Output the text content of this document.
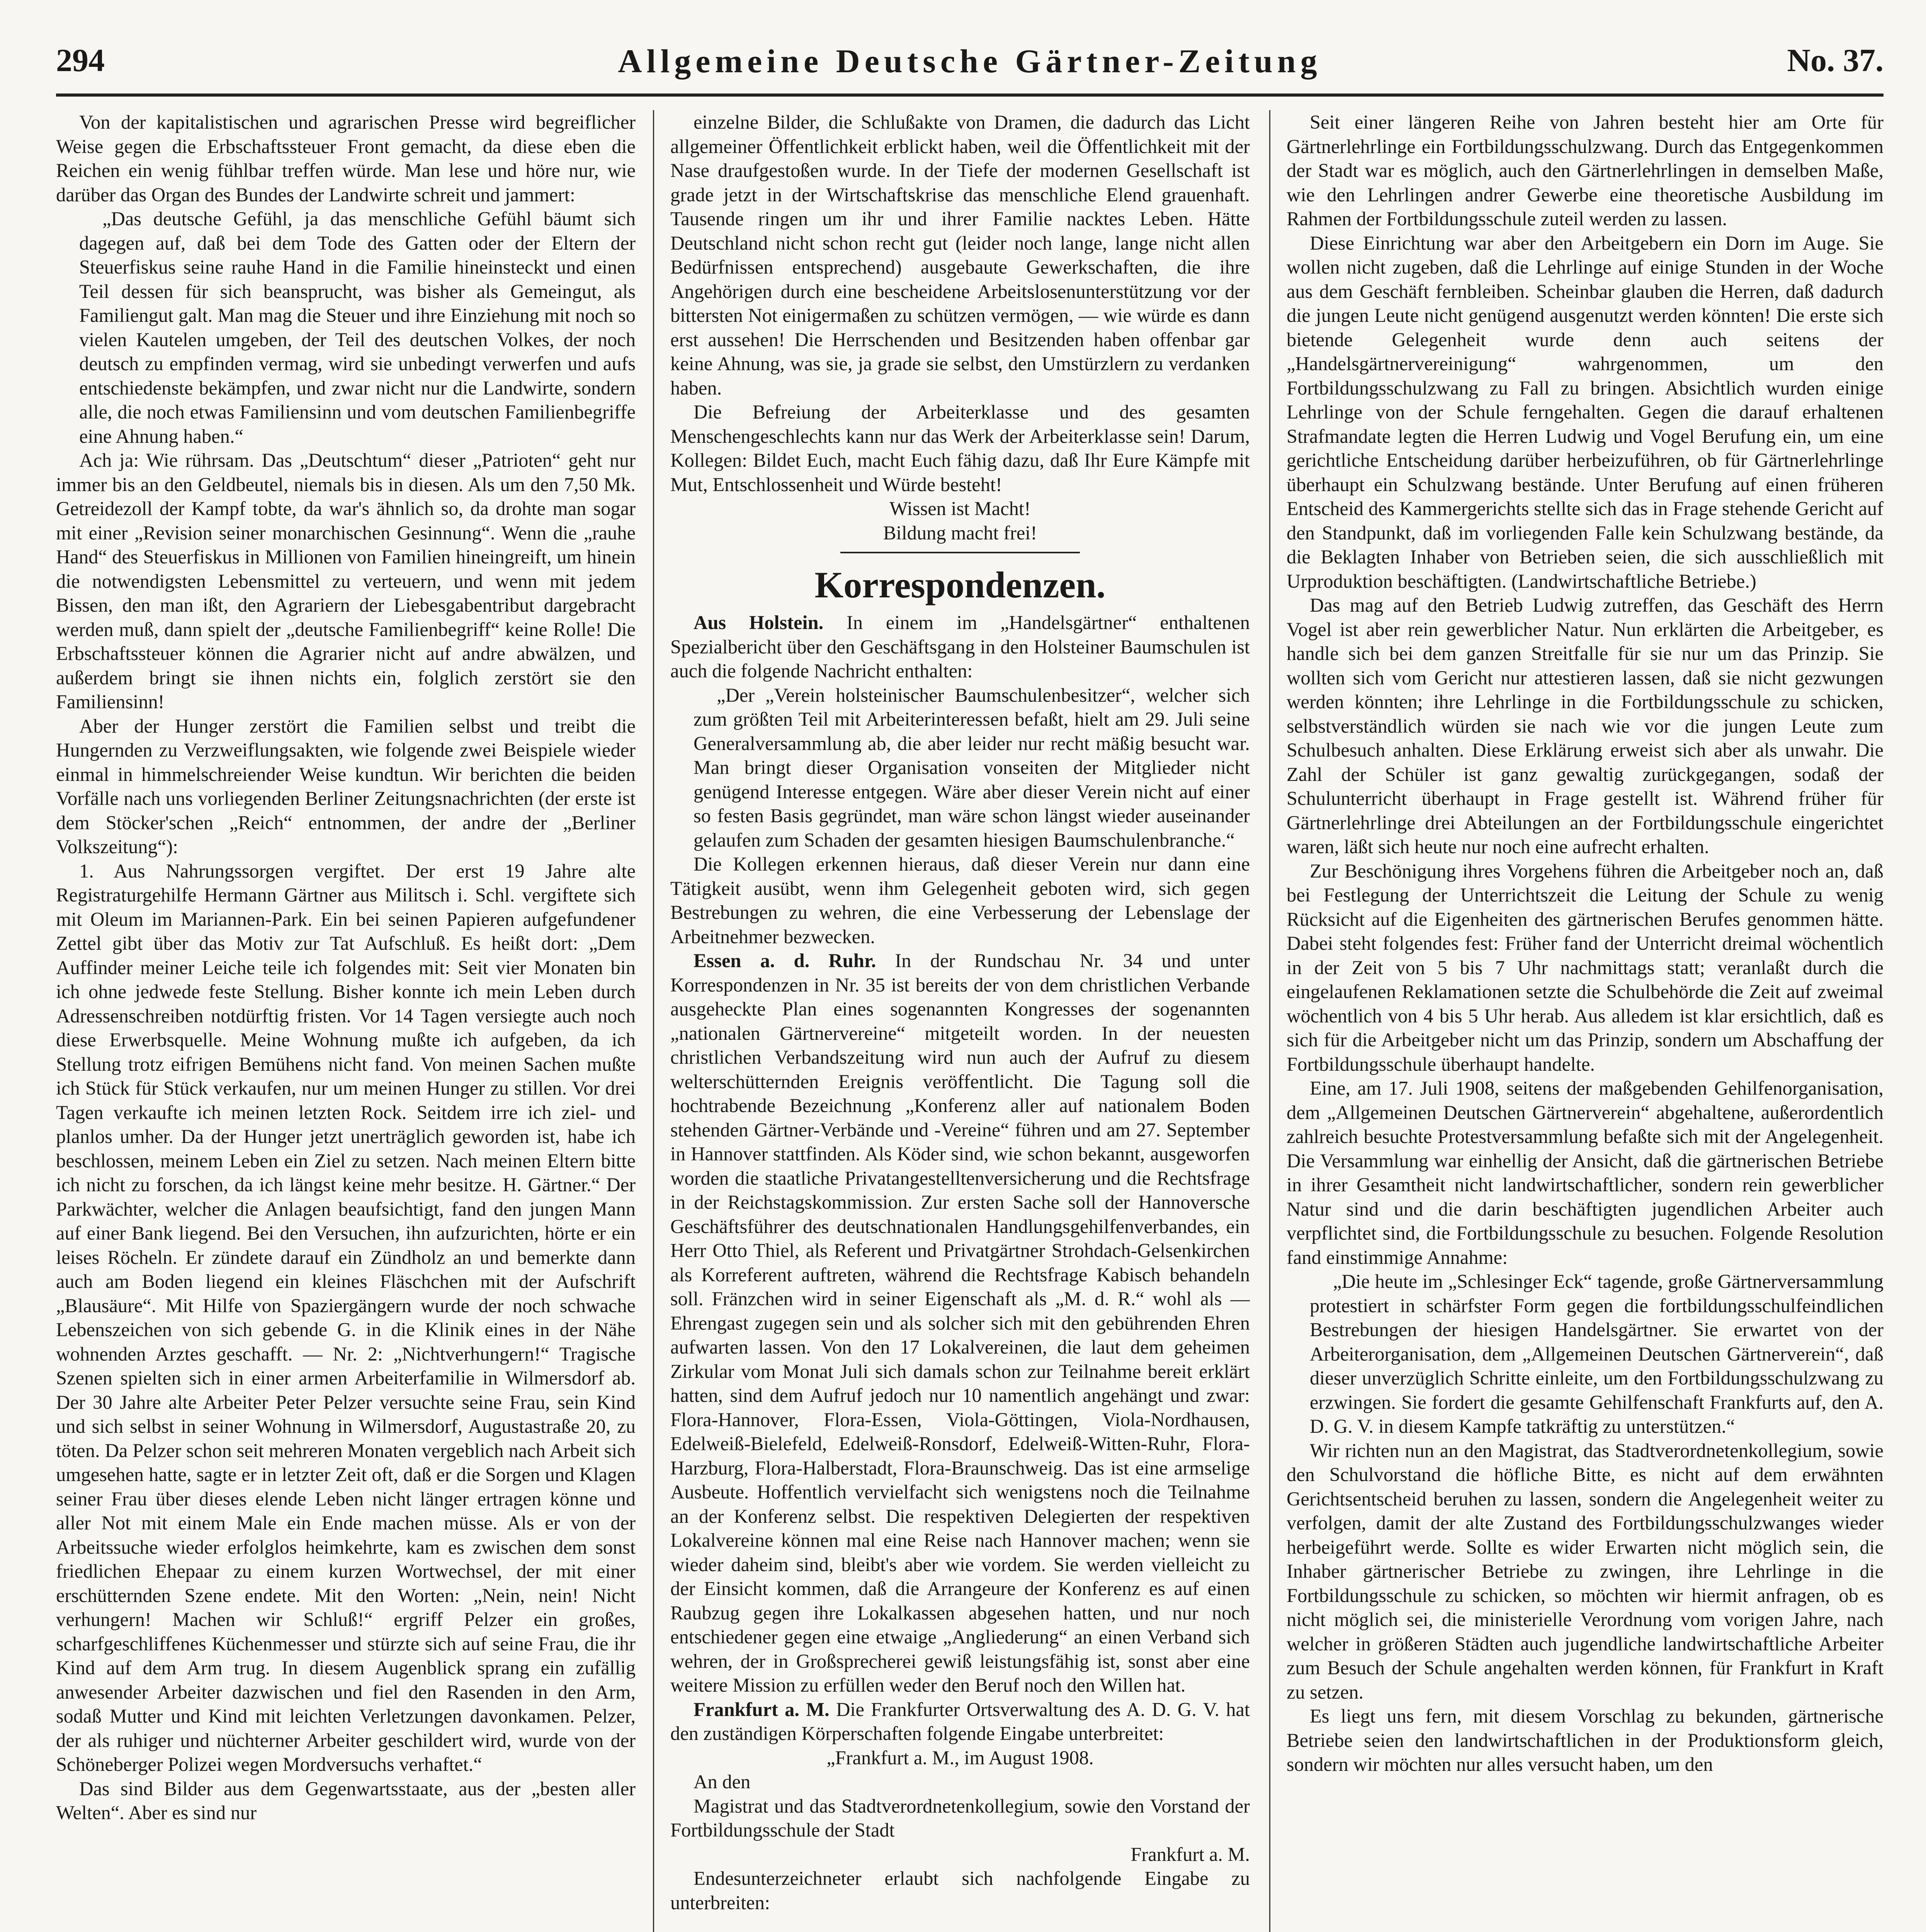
294	Allgemeine Deutsche Gärtner-Zeitung	No. 37.

Von der kapitalistischen und agrarischen Presse wird begreiflicher Weise gegen die Erbschaftssteuer Front gemacht, da diese eben die Reichen ein wenig fühlbar treffen würde. Man lese und höre nur, wie darüber das Organ des Bundes der Landwirte schreit und jammert:

„Das deutsche Gefühl, ja das menschliche Gefühl bäumt sich dagegen auf, daß bei dem Tode des Gatten oder der Eltern der Steuerfiskus seine rauhe Hand in die Familie hineinsteckt und einen Teil dessen für sich beansprucht, was bisher als Gemeingut, als Familiengut galt. Man mag die Steuer und ihre Einziehung mit noch so vielen Kautelen umgeben, der Teil des deutschen Volkes, der noch deutsch zu empfinden vermag, wird sie unbedingt verwerfen und aufs entschiedenste bekämpfen, und zwar nicht nur die Landwirte, sondern alle, die noch etwas Familiensinn und vom deutschen Familienbegriffe eine Ahnung haben.“

Ach ja: Wie rührsam. Das „Deutschtum“ dieser „Patrioten“ geht nur immer bis an den Geldbeutel, niemals bis in diesen. Als um den 7,50 Mk. Getreidezoll der Kampf tobte, da war's ähnlich so, da drohte man sogar mit einer „Revision seiner monarchischen Gesinnung“. Wenn die „rauhe Hand“ des Steuerfiskus in Millionen von Familien hineingreift, um hinein die notwendigsten Lebensmittel zu verteuern, und wenn mit jedem Bissen, den man ißt, den Agrariern der Liebesgabentribut dargebracht werden muß, dann spielt der „deutsche Familienbegriff“ keine Rolle! Die Erbschaftssteuer können die Agrarier nicht auf andre abwälzen, und außerdem bringt sie ihnen nichts ein, folglich zerstört sie den Familiensinn!

Aber der Hunger zerstört die Familien selbst und treibt die Hungernden zu Verzweiflungsakten, wie folgende zwei Beispiele wieder einmal in himmelschreiender Weise kundtun. Wir berichten die beiden Vorfälle nach uns vorliegenden Berliner Zeitungsnachrichten (der erste ist dem Stöcker'schen „Reich“ entnommen, der andre der „Berliner Volkszeitung“):

1. Aus Nahrungssorgen vergiftet. Der erst 19 Jahre alte Registraturgehilfe Hermann Gärtner aus Militsch i. Schl. vergiftete sich mit Oleum im Mariannen-Park. Ein bei seinen Papieren aufgefundener Zettel gibt über das Motiv zur Tat Aufschluß. Es heißt dort: „Dem Auffinder meiner Leiche teile ich folgendes mit: Seit vier Monaten bin ich ohne jedwede feste Stellung. Bisher konnte ich mein Leben durch Adressenschreiben notdürftig fristen. Vor 14 Tagen versiegte auch noch diese Erwerbsquelle. Meine Wohnung mußte ich aufgeben, da ich Stellung trotz eifrigen Bemühens nicht fand. Von meinen Sachen mußte ich Stück für Stück verkaufen, nur um meinen Hunger zu stillen. Vor drei Tagen verkaufte ich meinen letzten Rock. Seitdem irre ich ziel- und planlos umher. Da der Hunger jetzt unerträglich geworden ist, habe ich beschlossen, meinem Leben ein Ziel zu setzen. Nach meinen Eltern bitte ich nicht zu forschen, da ich längst keine mehr besitze. H. Gärtner.“ Der Parkwächter, welcher die Anlagen beaufsichtigt, fand den jungen Mann auf einer Bank liegend. Bei den Versuchen, ihn aufzurichten, hörte er ein leises Röcheln. Er zündete darauf ein Zündholz an und bemerkte dann auch am Boden liegend ein kleines Fläschchen mit der Aufschrift „Blausäure“. Mit Hilfe von Spaziergängern wurde der noch schwache Lebenszeichen von sich gebende G. in die Klinik eines in der Nähe wohnenden Arztes geschafft. — Nr. 2: „Nichtverhungern!“ Tragische Szenen spielten sich in einer armen Arbeiterfamilie in Wilmersdorf ab. Der 30 Jahre alte Arbeiter Peter Pelzer versuchte seine Frau, sein Kind und sich selbst in seiner Wohnung in Wilmersdorf, Augustastraße 20, zu töten. Da Pelzer schon seit mehreren Monaten vergeblich nach Arbeit sich umgesehen hatte, sagte er in letzter Zeit oft, daß er die Sorgen und Klagen seiner Frau über dieses elende Leben nicht länger ertragen könne und aller Not mit einem Male ein Ende machen müsse. Als er von der Arbeitssuche wieder erfolglos heimkehrte, kam es zwischen dem sonst friedlichen Ehepaar zu einem kurzen Wortwechsel, der mit einer erschütternden Szene endete. Mit den Worten: „Nein, nein! Nicht verhungern! Machen wir Schluß!“ ergriff Pelzer ein großes, scharfgeschliffenes Küchenmesser und stürzte sich auf seine Frau, die ihr Kind auf dem Arm trug. In diesem Augenblick sprang ein zufällig anwesender Arbeiter dazwischen und fiel den Rasenden in den Arm, sodaß Mutter und Kind mit leichten Verletzungen davonkamen. Pelzer, der als ruhiger und nüchterner Arbeiter geschildert wird, wurde von der Schöneberger Polizei wegen Mordversuchs verhaftet.“

Das sind Bilder aus dem Gegenwartsstaate, aus der „besten aller Welten“. Aber es sind nur

einzelne Bilder, die Schlußakte von Dramen, die dadurch das Licht allgemeiner Öffentlichkeit erblickt haben, weil die Öffentlichkeit mit der Nase draufgestoßen wurde. In der Tiefe der modernen Gesellschaft ist grade jetzt in der Wirtschaftskrise das menschliche Elend grauenhaft. Tausende ringen um ihr und ihrer Familie nacktes Leben. Hätte Deutschland nicht schon recht gut (leider noch lange, lange nicht allen Bedürfnissen entsprechend) ausgebaute Gewerkschaften, die ihre Angehörigen durch eine bescheidene Arbeitslosenunterstützung vor der bittersten Not einigermaßen zu schützen vermögen, — wie würde es dann erst aussehen! Die Herrschenden und Besitzenden haben offenbar gar keine Ahnung, was sie, ja grade sie selbst, den Umstürzlern zu verdanken haben.

Die Befreiung der Arbeiterklasse und des gesamten Menschengeschlechts kann nur das Werk der Arbeiterklasse sein! Darum, Kollegen: Bildet Euch, macht Euch fähig dazu, daß Ihr Eure Kämpfe mit Mut, Entschlossenheit und Würde besteht!

Wissen ist Macht!

Bildung macht frei!

Korrespondenzen.

Aus Holstein. In einem im „Handelsgärtner“ enthaltenen Spezialbericht über den Geschäftsgang in den Holsteiner Baumschulen ist auch die folgende Nachricht enthalten:

„Der „Verein holsteinischer Baumschulenbesitzer“, welcher sich zum größten Teil mit Arbeiterinteressen befaßt, hielt am 29. Juli seine Generalversammlung ab, die aber leider nur recht mäßig besucht war. Man bringt dieser Organisation vonseiten der Mitglieder nicht genügend Interesse entgegen. Wäre aber dieser Verein nicht auf einer so festen Basis gegründet, man wäre schon längst wieder auseinander gelaufen zum Schaden der gesamten hiesigen Baumschulenbranche.“

Die Kollegen erkennen hieraus, daß dieser Verein nur dann eine Tätigkeit ausübt, wenn ihm Gelegenheit geboten wird, sich gegen Bestrebungen zu wehren, die eine Verbesserung der Lebenslage der Arbeitnehmer bezwecken.

Essen a. d. Ruhr. In der Rundschau Nr. 34 und unter Korrespondenzen in Nr. 35 ist bereits der von dem christlichen Verbande ausgeheckte Plan eines sogenannten Kongresses der sogenannten „nationalen Gärtnervereine“ mitgeteilt worden. In der neuesten christlichen Verbandszeitung wird nun auch der Aufruf zu diesem welterschütternden Ereignis veröffentlicht. Die Tagung soll die hochtrabende Bezeichnung „Konferenz aller auf nationalem Boden stehenden Gärtner-Verbände und -Vereine“ führen und am 27. September in Hannover stattfinden. Als Köder sind, wie schon bekannt, ausgeworfen worden die staatliche Privatangestelltenversicherung und die Rechtsfrage in der Reichstagskommission. Zur ersten Sache soll der Hannoversche Geschäftsführer des deutschnationalen Handlungsgehilfenverbandes, ein Herr Otto Thiel, als Referent und Privatgärtner Strohdach-Gelsenkirchen als Korreferent auftreten, während die Rechtsfrage Kabisch behandeln soll. Fränzchen wird in seiner Eigenschaft als „M. d. R.“ wohl als — Ehrengast zugegen sein und als solcher sich mit den gebührenden Ehren aufwarten lassen. Von den 17 Lokalvereinen, die laut dem geheimen Zirkular vom Monat Juli sich damals schon zur Teilnahme bereit erklärt hatten, sind dem Aufruf jedoch nur 10 namentlich angehängt und zwar: Flora-Hannover, Flora-Essen, Viola-Göttingen, Viola-Nordhausen, Edelweiß-Bielefeld, Edelweiß-Ronsdorf, Edelweiß-Witten-Ruhr, Flora-Harzburg, Flora-Halberstadt, Flora-Braunschweig. Das ist eine armselige Ausbeute. Hoffentlich vervielfacht sich wenigstens noch die Teilnahme an der Konferenz selbst. Die respektiven Delegierten der respektiven Lokalvereine können mal eine Reise nach Hannover machen; wenn sie wieder daheim sind, bleibt's aber wie vordem. Sie werden vielleicht zu der Einsicht kommen, daß die Arrangeure der Konferenz es auf einen Raubzug gegen ihre Lokalkassen abgesehen hatten, und nur noch entschiedener gegen eine etwaige „Angliederung“ an einen Verband sich wehren, der in Großsprecherei gewiß leistungsfähig ist, sonst aber eine weitere Mission zu erfüllen weder den Beruf noch den Willen hat.

Frankfurt a. M. Die Frankfurter Ortsverwaltung des A. D. G. V. hat den zuständigen Körperschaften folgende Eingabe unterbreitet:

„Frankfurt a. M., im August 1908.

An den

Magistrat und das Stadtverordnetenkollegium, sowie den Vorstand der Fortbildungsschule der Stadt

Frankfurt a. M.

Endesunterzeichneter erlaubt sich nachfolgende Eingabe zu unterbreiten:

Seit einer längeren Reihe von Jahren besteht hier am Orte für Gärtnerlehrlinge ein Fortbildungsschulzwang. Durch das Entgegenkommen der Stadt war es möglich, auch den Gärtnerlehrlingen in demselben Maße, wie den Lehrlingen andrer Gewerbe eine theoretische Ausbildung im Rahmen der Fortbildungsschule zuteil werden zu lassen.

Diese Einrichtung war aber den Arbeitgebern ein Dorn im Auge. Sie wollen nicht zugeben, daß die Lehrlinge auf einige Stunden in der Woche aus dem Geschäft fernbleiben. Scheinbar glauben die Herren, daß dadurch die jungen Leute nicht genügend ausgenutzt werden könnten! Die erste sich bietende Gelegenheit wurde denn auch seitens der „Handelsgärtnervereinigung“ wahrgenommen, um den Fortbildungsschulzwang zu Fall zu bringen. Absichtlich wurden einige Lehrlinge von der Schule ferngehalten. Gegen die darauf erhaltenen Strafmandate legten die Herren Ludwig und Vogel Berufung ein, um eine gerichtliche Entscheidung darüber herbeizuführen, ob für Gärtnerlehrlinge überhaupt ein Schulzwang bestände. Unter Berufung auf einen früheren Entscheid des Kammergerichts stellte sich das in Frage stehende Gericht auf den Standpunkt, daß im vorliegenden Falle kein Schulzwang bestände, da die Beklagten Inhaber von Betrieben seien, die sich ausschließlich mit Urproduktion beschäftigten. (Landwirtschaftliche Betriebe.)

Das mag auf den Betrieb Ludwig zutreffen, das Geschäft des Herrn Vogel ist aber rein gewerblicher Natur. Nun erklärten die Arbeitgeber, es handle sich bei dem ganzen Streitfalle für sie nur um das Prinzip. Sie wollten sich vom Gericht nur attestieren lassen, daß sie nicht gezwungen werden könnten; ihre Lehrlinge in die Fortbildungsschule zu schicken, selbstverständlich würden sie nach wie vor die jungen Leute zum Schulbesuch anhalten. Diese Erklärung erweist sich aber als unwahr. Die Zahl der Schüler ist ganz gewaltig zurückgegangen, sodaß der Schulunterricht überhaupt in Frage gestellt ist. Während früher für Gärtnerlehrlinge drei Abteilungen an der Fortbildungsschule eingerichtet waren, läßt sich heute nur noch eine aufrecht erhalten.

Zur Beschönigung ihres Vorgehens führen die Arbeitgeber noch an, daß bei Festlegung der Unterrichtszeit die Leitung der Schule zu wenig Rücksicht auf die Eigenheiten des gärtnerischen Berufes genommen hätte. Dabei steht folgendes fest: Früher fand der Unterricht dreimal wöchentlich in der Zeit von 5 bis 7 Uhr nachmittags statt; veranlaßt durch die eingelaufenen Reklamationen setzte die Schulbehörde die Zeit auf zweimal wöchentlich von 4 bis 5 Uhr herab. Aus alledem ist klar ersichtlich, daß es sich für die Arbeitgeber nicht um das Prinzip, sondern um Abschaffung der Fortbildungsschule überhaupt handelte.

Eine, am 17. Juli 1908, seitens der maßgebenden Gehilfenorganisation, dem „Allgemeinen Deutschen Gärtnerverein“ abgehaltene, außerordentlich zahlreich besuchte Protestversammlung befaßte sich mit der Angelegenheit. Die Versammlung war einhellig der Ansicht, daß die gärtnerischen Betriebe in ihrer Gesamtheit nicht landwirtschaftlicher, sondern rein gewerblicher Natur sind und die darin beschäftigten jugendlichen Arbeiter auch verpflichtet sind, die Fortbildungsschule zu besuchen. Folgende Resolution fand einstimmige Annahme:

„Die heute im „Schlesinger Eck“ tagende, große Gärtnerversammlung protestiert in schärfster Form gegen die fortbildungsschulfeindlichen Bestrebungen der hiesigen Handelsgärtner. Sie erwartet von der Arbeiterorganisation, dem „Allgemeinen Deutschen Gärtnerverein“, daß dieser unverzüglich Schritte einleite, um den Fortbildungsschulzwang zu erzwingen. Sie fordert die gesamte Gehilfenschaft Frankfurts auf, den A. D. G. V. in diesem Kampfe tatkräftig zu unterstützen.“

Wir richten nun an den Magistrat, das Stadtverordnetenkollegium, sowie den Schulvorstand die höfliche Bitte, es nicht auf dem erwähnten Gerichtsentscheid beruhen zu lassen, sondern die Angelegenheit weiter zu verfolgen, damit der alte Zustand des Fortbildungsschulzwanges wieder herbeigeführt werde. Sollte es wider Erwarten nicht möglich sein, die Inhaber gärtnerischer Betriebe zu zwingen, ihre Lehrlinge in die Fortbildungsschule zu schicken, so möchten wir hiermit anfragen, ob es nicht möglich sei, die ministerielle Verordnung vom vorigen Jahre, nach welcher in größeren Städten auch jugendliche landwirtschaftliche Arbeiter zum Besuch der Schule angehalten werden können, für Frankfurt in Kraft zu setzen.

Es liegt uns fern, mit diesem Vorschlag zu bekunden, gärtnerische Betriebe seien den landwirtschaftlichen in der Produktionsform gleich, sondern wir möchten nur alles versucht haben, um den
